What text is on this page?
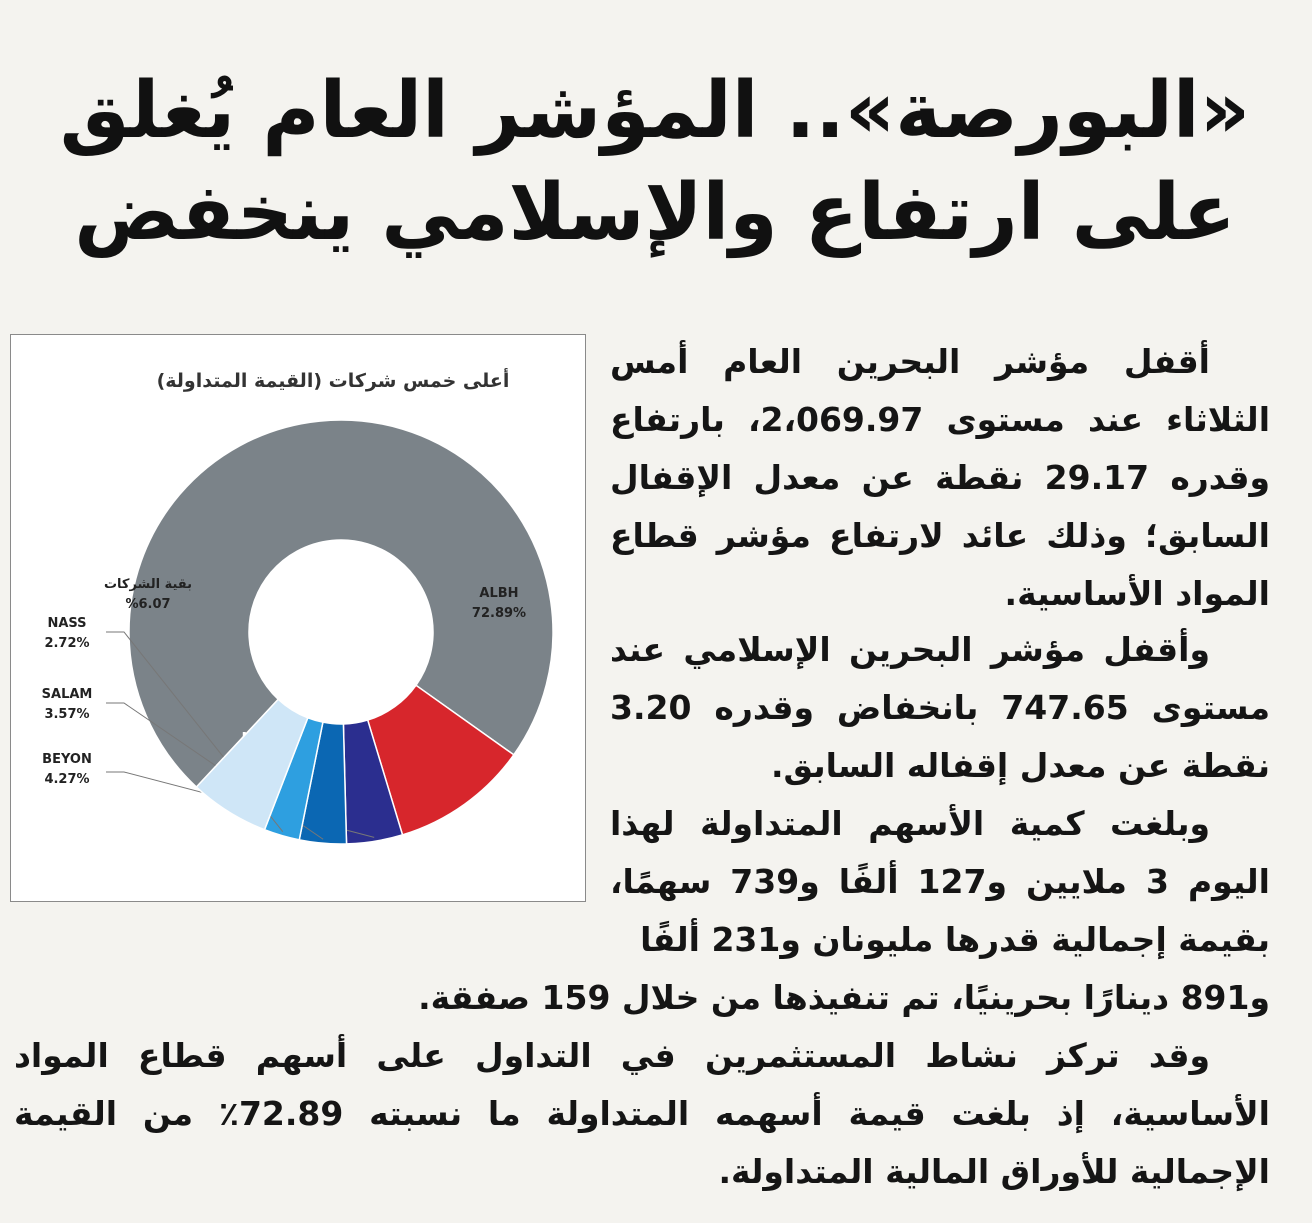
«البورصة».. المؤشر العام يُغلق
على ارتفاع والإسلامي ينخفض
ALBH
72.89%
BEYON
4.27%
SALAM
3.57%
NASS
2.72%
بقية الشركات
%6.07
أعلى خمس شركات (القيمة المتداولة)	أقفل مؤشر البحرين العام أمس الثلاثاء عند مستوى 2،069.97، بارتفاع وقدره 29.17 نقطة عن معدل الإقفال السابق؛ وذلك عائد لارتفاع مؤشر قطاع المواد الأساسية.

وأقفل مؤشر البحرين الإسلامي عند مستوى 747.65 بانخفاض وقدره 3.20 نقطة عن معدل إقفاله السابق.

وبلغت كمية الأسهم المتداولة لهذا اليوم 3 ملايين و127 ألفًا و739 سهمًا، بقيمة إجمالية قدرها مليونان و231 ألفًا

و891 دينارًا بحرينيًا، تم تنفيذها من خلال 159 صفقة.

وقد تركز نشاط المستثمرين في التداول على أسهم قطاع المواد الأساسية، إذ بلغت قيمة أسهمه المتداولة ما نسبته 72.89٪ من القيمة الإجمالية للأوراق المالية المتداولة.
